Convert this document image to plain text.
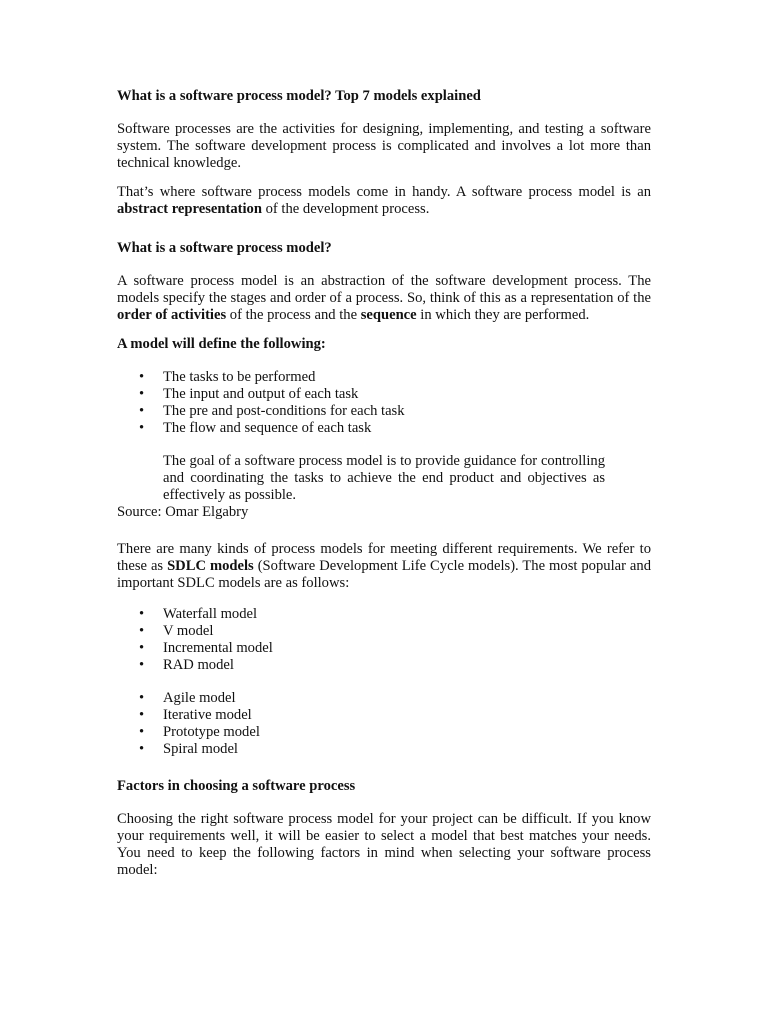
What is a software process model? Top 7 models explained

Software processes are the activities for designing, implementing, and testing a software system. The software development process is complicated and involves a lot more than technical knowledge.

That’s where software process models come in handy. A software process model is an abstract representation of the development process.

What is a software process model?

A software process model is an abstraction of the software development process. The models specify the stages and order of a process. So, think of this as a representation of the order of activities of the process and the sequence in which they are performed.

A model will define the following:
• The tasks to be performed
• The input and output of each task
• The pre and post-conditions for each task
• The flow and sequence of each task
The goal of a software process model is to provide guidance for controlling and coordinating the tasks to achieve the end product and objectives as effectively as possible.
Source: Omar Elgabry

There are many kinds of process models for meeting different requirements. We refer to these as SDLC models (Software Development Life Cycle models). The most popular and important SDLC models are as follows:

• Waterfall model
• V model
• Incremental model
• RAD model
• Agile model
• Iterative model
• Prototype model
• Spiral model
Factors in choosing a software process

Choosing the right software process model for your project can be difficult. If you know your requirements well, it will be easier to select a model that best matches your needs. You need to keep the following factors in mind when selecting your software process model:
